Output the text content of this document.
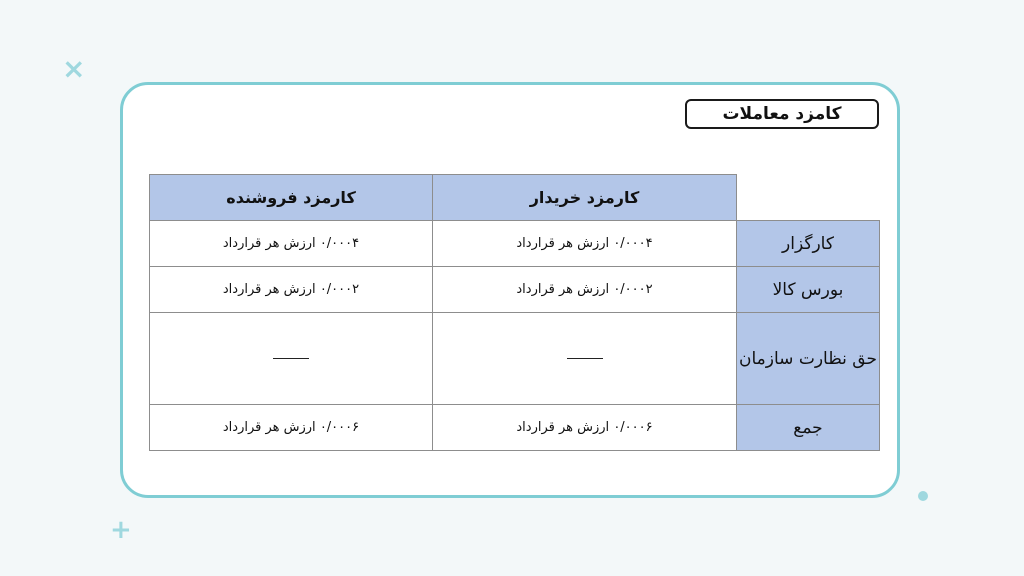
×
+
کامزد معاملات
کارمزد فروشنده	کارمزد خریدار	
۰/۰۰۰۴ ارزش هر قرارداد	۰/۰۰۰۴ ارزش هر قرارداد	کارگزار
۰/۰۰۰۲ ارزش هر قرارداد	۰/۰۰۰۲ ارزش هر قرارداد	بورس کالا
		حق نظارت سازمان
۰/۰۰۰۶ ارزش هر قرارداد	۰/۰۰۰۶ ارزش هر قرارداد	جمع
